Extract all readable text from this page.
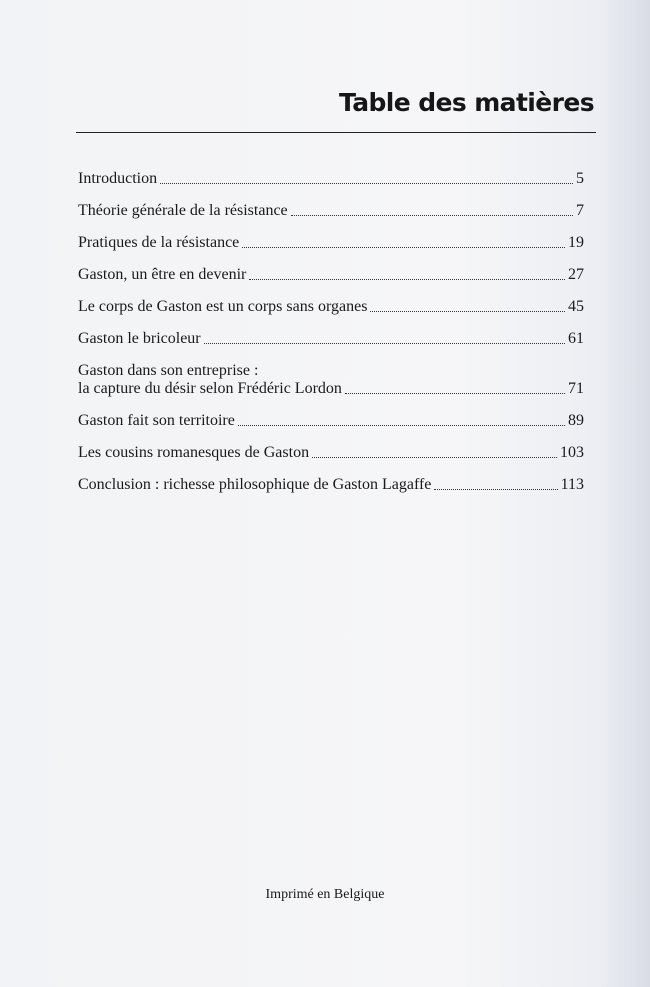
Table des matières
Introduction	5
Théorie générale de la résistance	7
Pratiques de la résistance	19
Gaston, un être en devenir	27
Le corps de Gaston est un corps sans organes	45
Gaston le bricoleur	61
Gaston dans son entreprise :
la capture du désir selon Frédéric Lordon	71
Gaston fait son territoire	89
Les cousins romanesques de Gaston	103
Conclusion : richesse philosophique de Gaston Lagaffe	113
Imprimé en Belgique
